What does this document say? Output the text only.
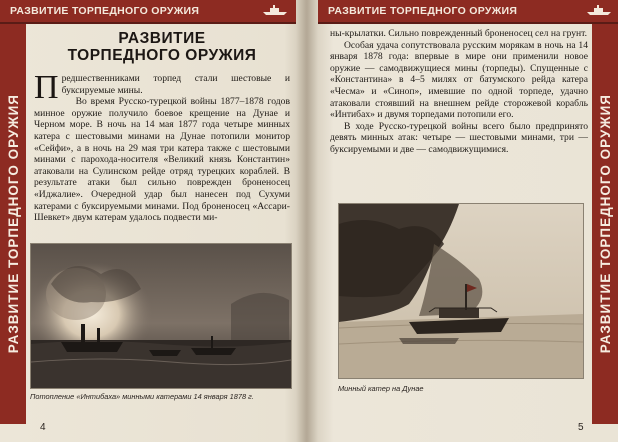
РАЗВИТИЕ ТОРПЕДНОГО ОРУЖИЯ	РАЗВИТИЕ ТОРПЕДНОГО ОРУЖИЯ
РАЗВИТИЕ ТОРПЕДНОГО ОРУЖИЯ	РАЗВИТИЕ ТОРПЕДНОГО ОРУЖИЯ
РАЗВИТИЕ
ТОРПЕДНОГО ОРУЖИЯ

Предшественниками торпед стали шестовые и буксируемые мины.

Во время Русско-турецкой войны 1877–1878 годов минное оружие получило боевое крещение на Дунае и Черном море. В ночь на 14 мая 1877 года четыре минных катера с шестовыми минами на Дунае потопили монитор «Сейфи», а в ночь на 29 мая три катера также с шестовыми минами с парохода-носителя «Великий князь Константин» атаковали на Сулинском рейде отряд турецких кораблей. В результате атаки был сильно поврежден броненосец «Иджалие». Очередной удар был нанесен под Сухуми катерами с буксируемыми минами. Под броненосец «Ассари-Шевкет» двум катерам удалось подвести ми-

Потопление «Интибаха» минными катерами 14 января 1878 г.
4

ны-крылатки. Сильно поврежденный броненосец сел на грунт.

Особая удача сопутствовала русским морякам в ночь на 14 января 1878 года: впервые в мире они применили новое оружие — самодвижущиеся мины (торпеды). Спущенные с «Константина» в 4–5 милях от батумского рейда катера «Чесма» и «Синоп», имевшие по одной торпеде, удачно атаковали стоявший на внешнем рейде сторожевой корабль «Интибах» и двумя торпедами потопили его.

В ходе Русско-турецкой войны всего было предпринято девять минных атак: четыре — шестовыми минами, три — буксируемыми и две — самодвижущимися.

Минный катер на Дунае
5
